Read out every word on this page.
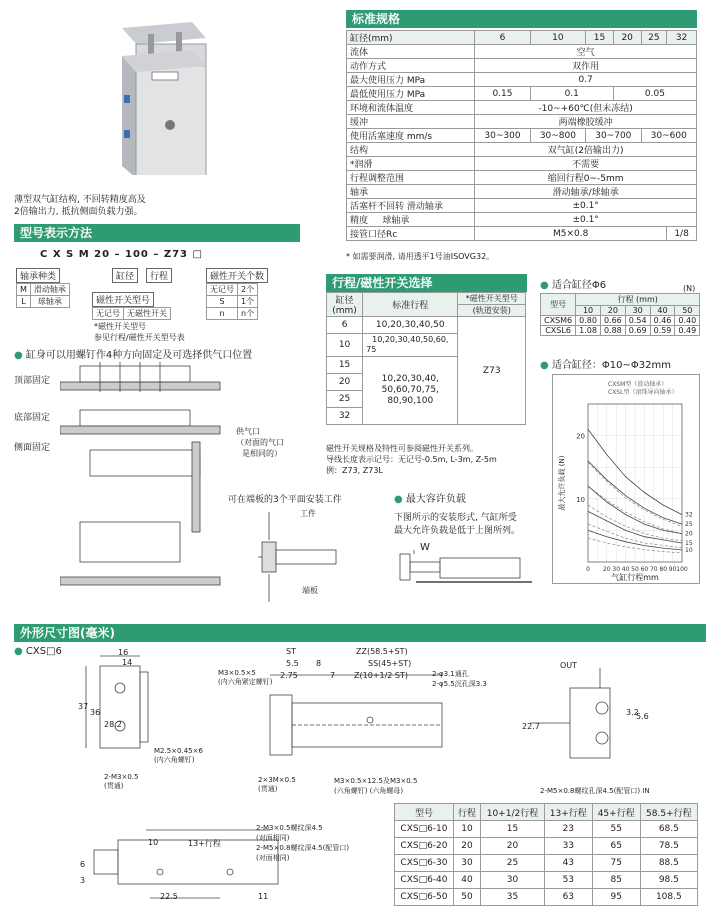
薄型双气缸结构, 不回转精度高及
2倍输出力, 抵抗侧面负载力强。
型号表示方法
C X S M 20 – 100 – Z73 □
轴承种类	缸径	行程	磁性开关个数
磁性开关型号
M	滑动轴承
L	球轴承
无记号	2个
S	1个
n	n个
无记号	无磁性开关
*磁性开关型号
参见行程/磁性开关型号表
● 缸身可以用螺钉作4种方向固定及可选择供气口位置
顶部固定
底部固定
侧面固定
供气口
（对面的气口
是相同的）
可在端板的3个平面安装工件
工件
端板
标准规格
缸径(mm)	6	10	15	20	25	32
流体	空气					
动作方式	双作用					
最大使用压力 MPa	0.7					
最低使用压力 MPa	0.15	0.1		0.05		
环境和流体温度	-10~+60℃(但未冻结)					
缓冲	两端橡胶缓冲					
使用活塞速度 mm/s	30~300	30~800	30~700		30~600	
结构	双气缸(2倍输出力)					
*润滑	不需要					
行程调整范围	缩回行程0~-5mm					
轴承	滑动轴承/球轴承					
活塞杆不回转 滑动轴承	±0.1°					
精度 球轴承	±0.1°					
接管口径Rc	M5×0.8					1/8
* 如需要润滑, 请用透平1号油ISOVG32。
行程/磁性开关选择
缸径
(mm)	标准行程	*磁性开关型号
		(轨道安装)
6	10,20,30,40,50	Z73
10	10,20,30,40,50,60,
75	

15	10,20,30,40,
50,60,70,75,
80,90,100	

20		
25		
32		
磁性开关规格及特性可参阅磁性开关系列。
导线长度表示记号：无记号-0.5m, L-3m, Z-5m
例：Z73, Z73L
● 最大容许负载
下图所示的安装形式, 气缸所受
最大允许负载是低于上图所列。
W
● 适合缸径Φ6	(N)
型号	行程 (mm)				
	10	20	30	40	50
CXSM6	0.80	0.66	0.54	0.46	0.40
CXSL6	1.08	0.88	0.69	0.59	0.49
● 适合缸径：Φ10~Φ32mm
10
20
0 20 30 40 50 60 70 80 90 100
32
25
20
15
10
气缸行程mm
最大允许负载 (N)
CXSM型（滑动轴承）
CXSL型（滚珠导向轴承）
外形尺寸图(毫米)
● CXS□6	16
14
37
36
28.2
M2.5×0.45×6
(内六角螺钉)
2-M3×0.5
(贯通)
ST	ZZ(58.5+ST)
5.5 8	SS(45+ST)
M3×0.5×5
(内六角紧定螺钉)
2.75	7 Z(10+1/2 ST)	2-φ3.1通孔
2-φ5.5沉孔深3.3
2×3M×0.5
(贯通)
M3×0.5×12.5及M3×0.5
(六角螺钉) (六角螺母)
OUT
22.7
3.2
5.6
2-M5×0.8螺纹孔深4.5(配管口) IN
10	13+行程
2-M3×0.5螺纹深4.5
(对面相同)
2-M5×0.8螺纹深4.5(配管口)
(对面相同)
6
3
22.5	11
型号	行程	10+1/2行程	13+行程	45+行程	58.5+行程
CXS□6-10	10	15	23	55	68.5
CXS□6-20	20	20	33	65	78.5
CXS□6-30	30	25	43	75	88.5
CXS□6-40	40	30	53	85	98.5
CXS□6-50	50	35	63	95	108.5
